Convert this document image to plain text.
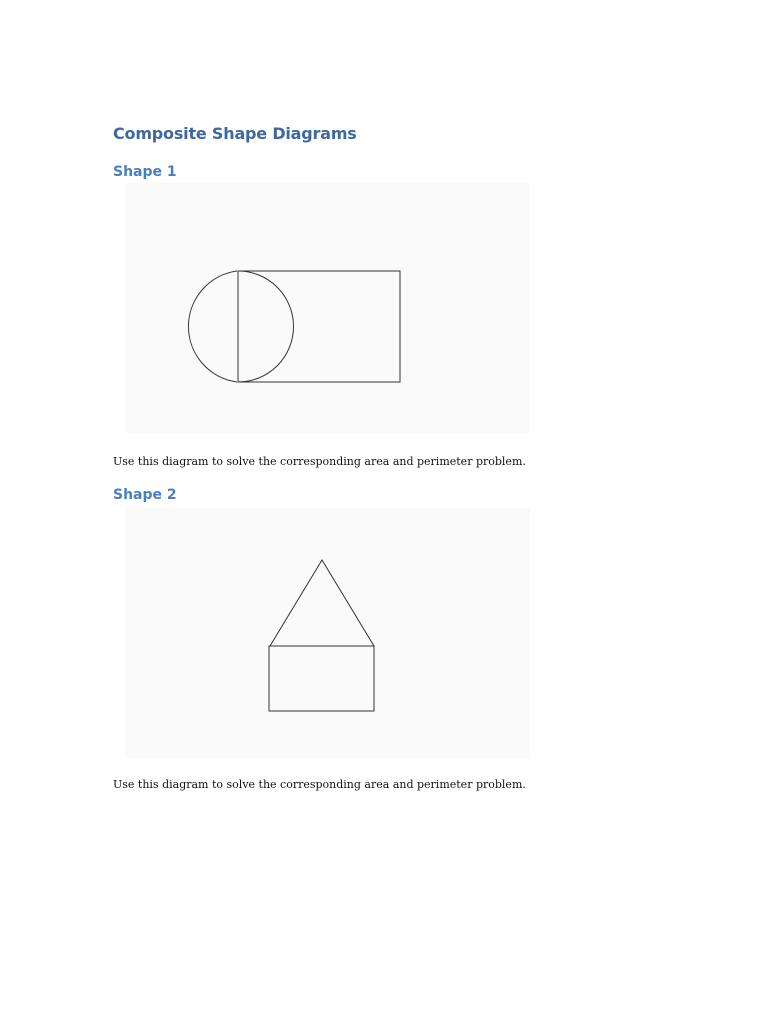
Composite Shape Diagrams
Shape 1

Use this diagram to solve the corresponding area and perimeter problem.

Shape 2

Use this diagram to solve the corresponding area and perimeter problem.
